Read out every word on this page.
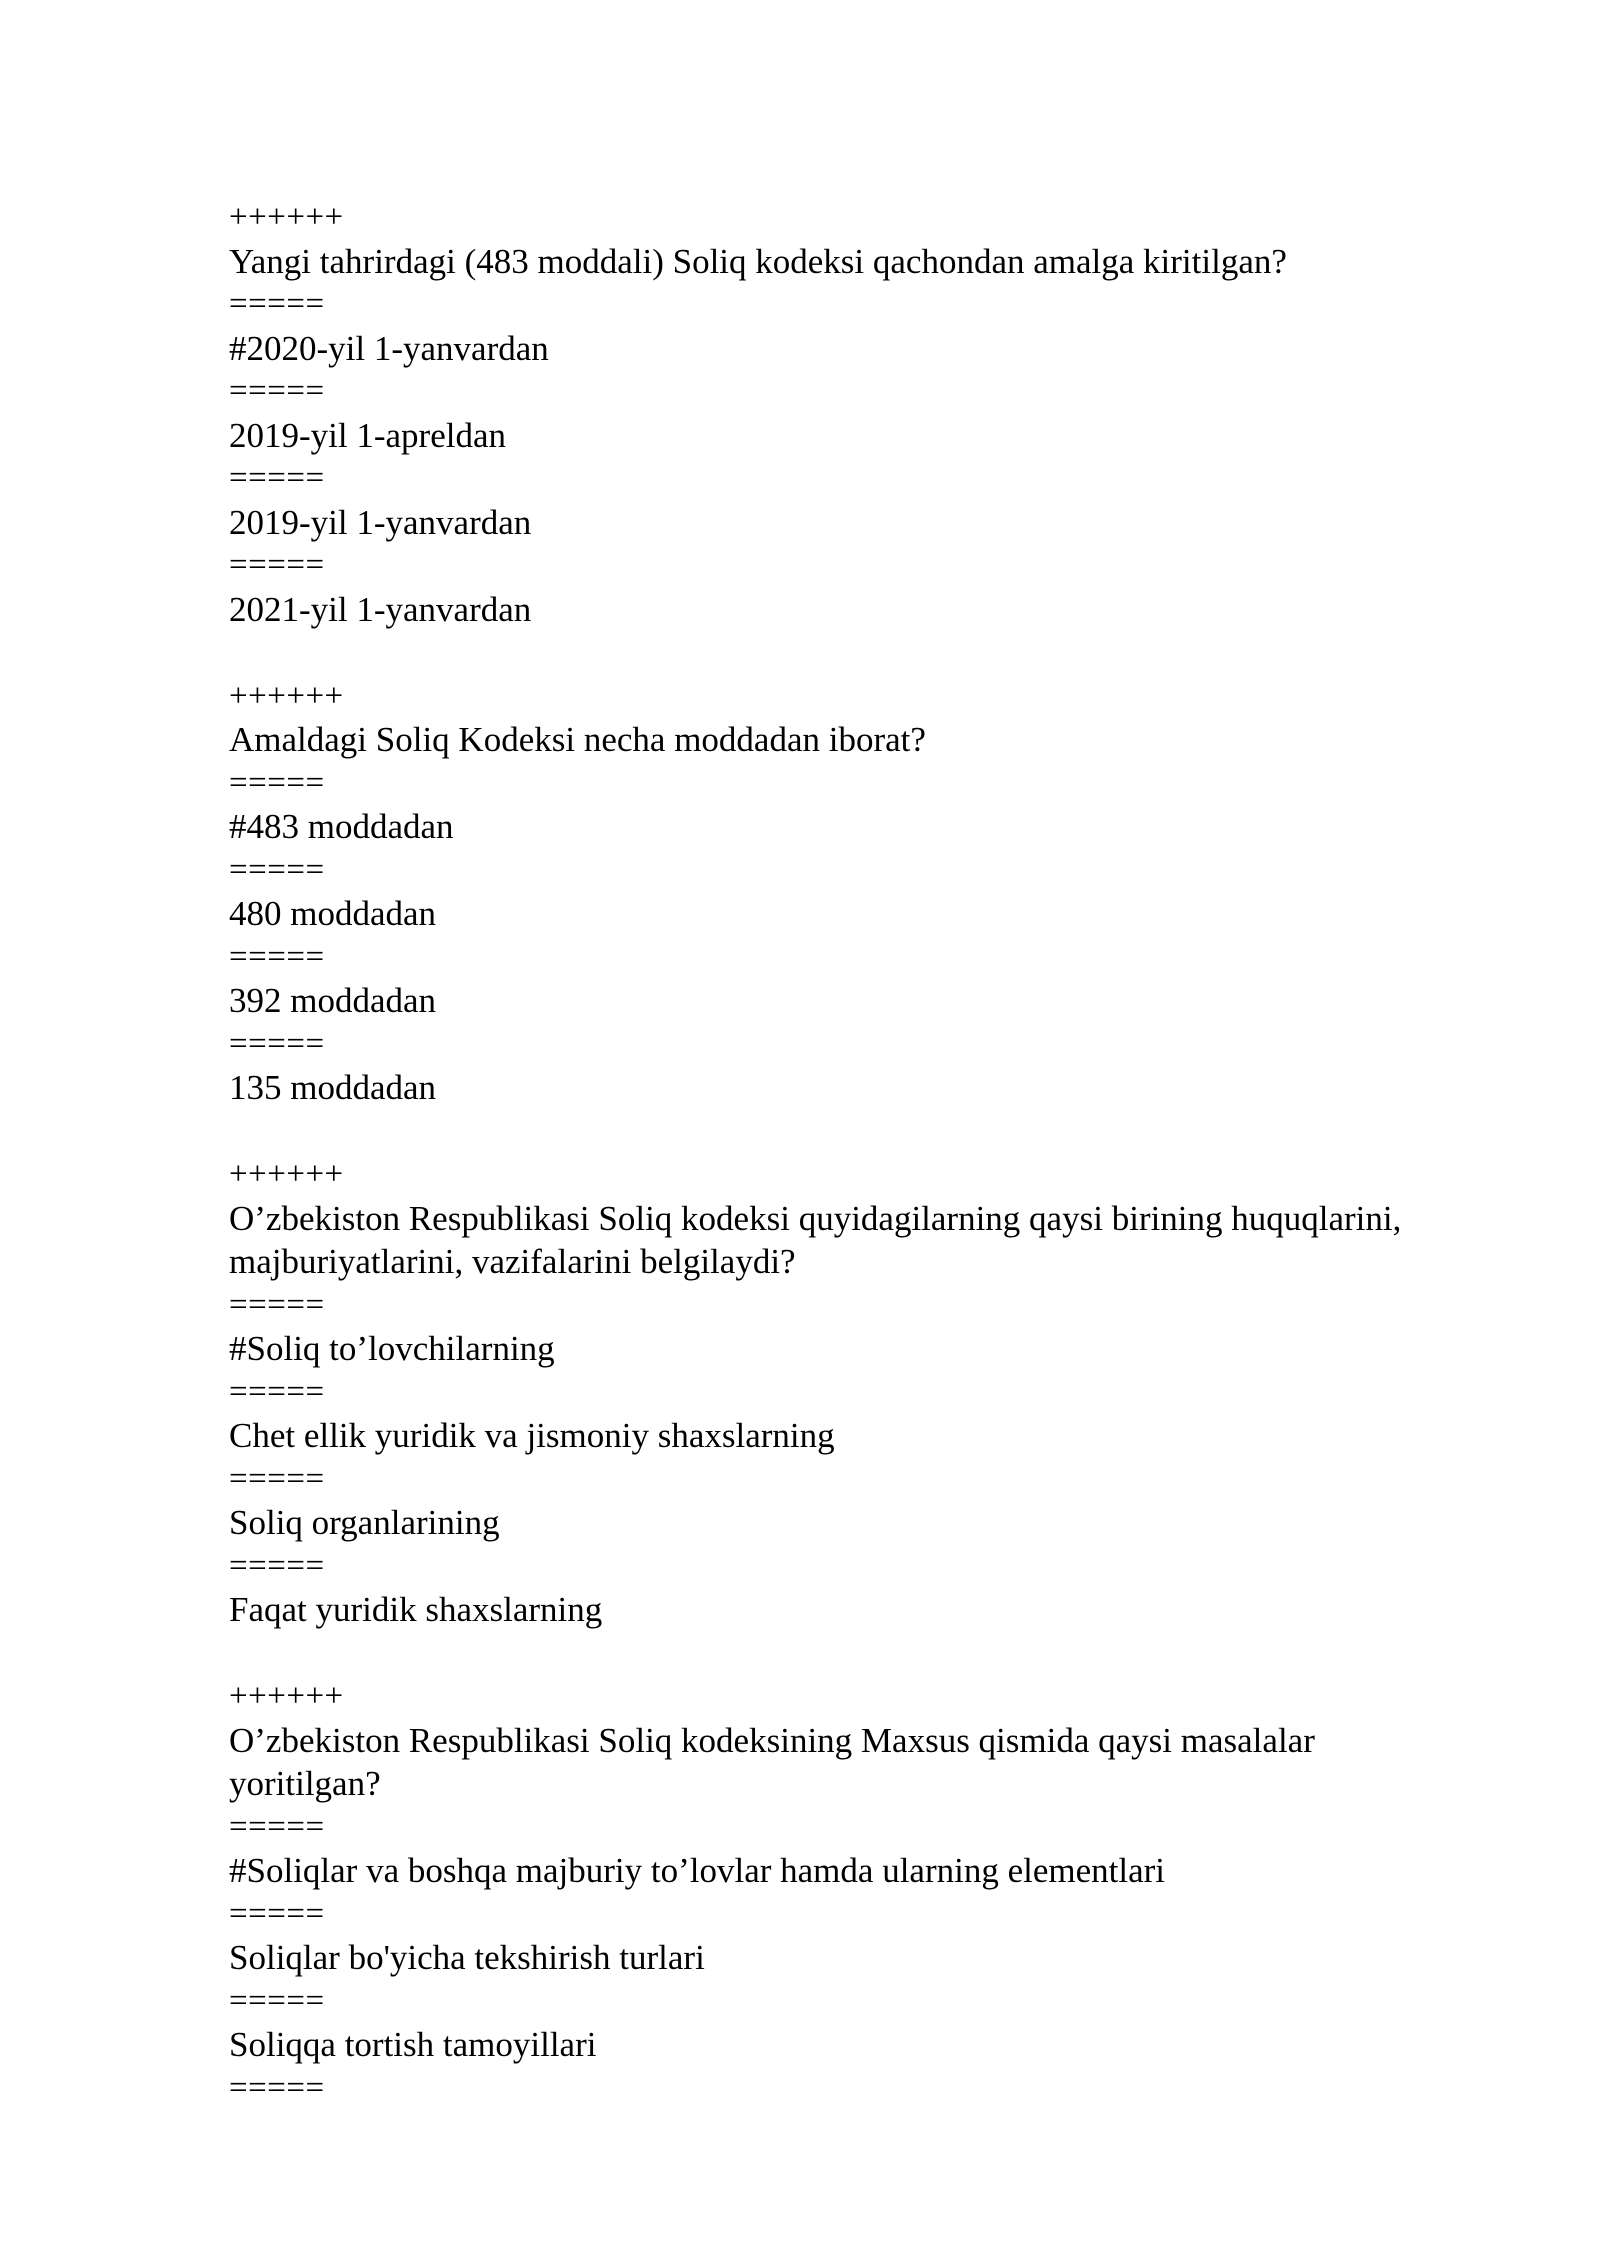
++++++
Yangi tahrirdagi (483 moddali) Soliq kodeksi qachondan amalga kiritilgan?
=====
#2020-yil 1-yanvardan
=====
2019-yil 1-apreldan
=====
2019-yil 1-yanvardan
=====
2021-yil 1-yanvardan
++++++
Amaldagi Soliq Kodeksi necha moddadan iborat?
=====
#483 moddadan
=====
480 moddadan
=====
392 moddadan
=====
135 moddadan
++++++
O’zbekiston Respublikasi Soliq kodeksi quyidagilarning qaysi birining huquqlarini, majburiyatlarini, vazifalarini belgilaydi?
=====
#Soliq to’lovchilarning
=====
Chet ellik yuridik va jismoniy shaxslarning
=====
Soliq organlarining
=====
Faqat yuridik shaxslarning
++++++
O’zbekiston Respublikasi Soliq kodeksining Maxsus qismida qaysi masalalar yoritilgan?
=====
#Soliqlar va boshqa majburiy to’lovlar hamda ularning elementlari
=====
Soliqlar bo'yicha tekshirish turlari
=====
Soliqqa tortish tamoyillari
=====
